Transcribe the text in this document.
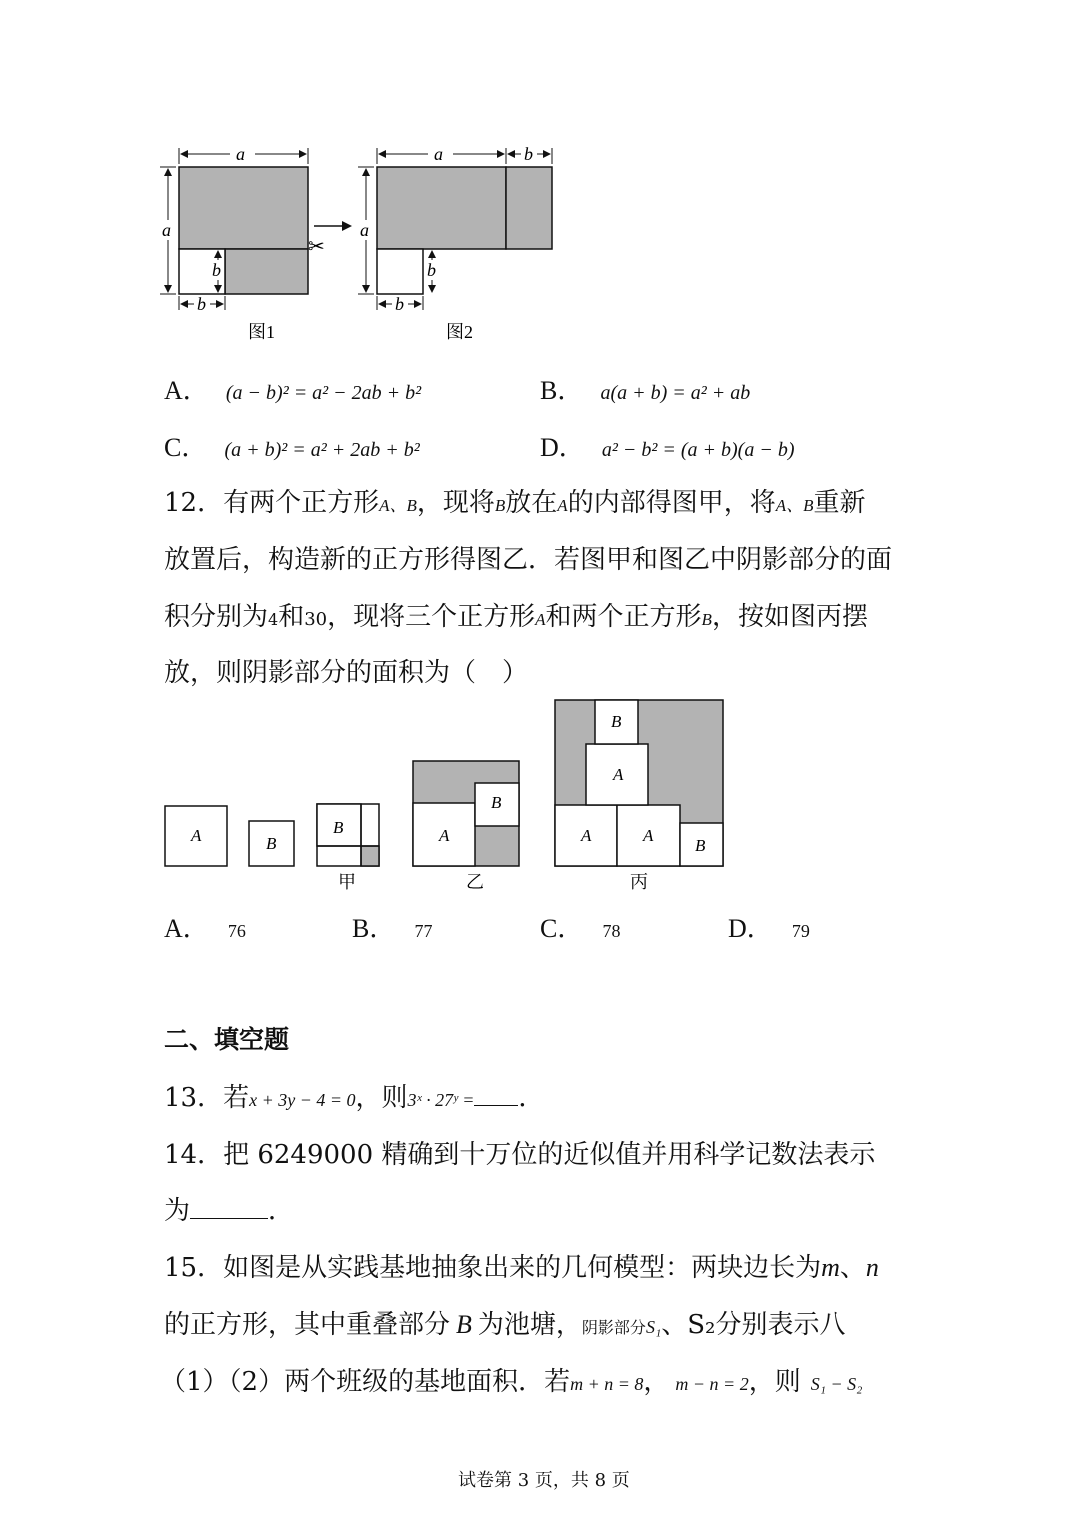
a
a
b
b
✂
图1
a	b
a
b
b
图2
A． (a − b)² = a² − 2ab + b²	B． a(a + b) = a² + ab
C． (a + b)² = a² + 2ab + b²	D． a² − b² = (a + b)(a − b)
12．有两个正方形A、B，现将B放在A的内部得图甲，将A、B重新
放置后，构造新的正方形得图乙．若图甲和图乙中阴影部分的面
积分别为4和30，现将三个正方形A和两个正方形B，按如图丙摆
放，则阴影部分的面积为（　）
A	B
B
甲
A
B
乙
B
A
A	A
B
丙
A． 76	B． 77	C． 78	D． 79
二、填空题
13．若x + 3y − 4 = 0，则3ˣ · 27ʸ = ．
14．把 6249000 精确到十万位的近似值并用科学记数法表示
为	．
15．如图是从实践基地抽象出来的几何模型：两块边长为m、n
的正方形，其中重叠部分 B 为池塘，阴影部分S₁、S₂分别表示八
（1）（2）两个班级的基地面积．若m + n = 8， m − n = 2，则 S₁ − S₂
试卷第 3 页，共 8 页
